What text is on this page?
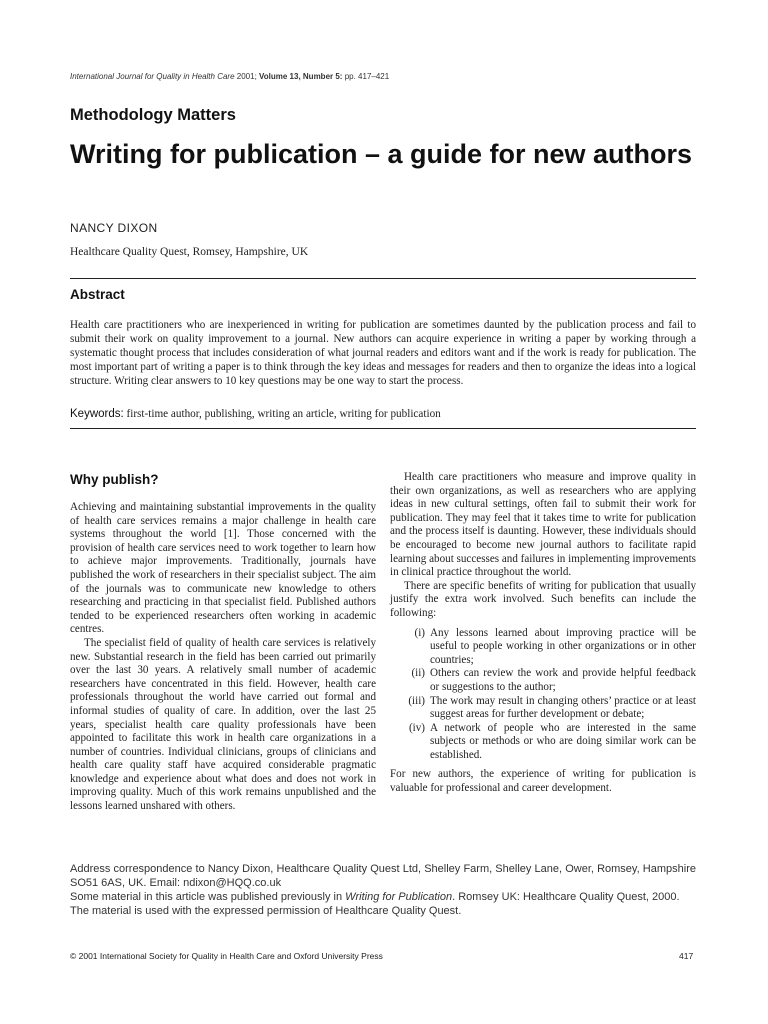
International Journal for Quality in Health Care 2001; Volume 13, Number 5: pp. 417–421
Methodology Matters
Writing for publication – a guide for new authors
NANCY DIXON
Healthcare Quality Quest, Romsey, Hampshire, UK
Abstract

Health care practitioners who are inexperienced in writing for publication are sometimes daunted by the publication process and fail to submit their work on quality improvement to a journal. New authors can acquire experience in writing a paper by working through a systematic thought process that includes consideration of what journal readers and editors want and if the work is ready for publication. The most important part of writing a paper is to think through the key ideas and messages for readers and then to organize the ideas into a logical structure. Writing clear answers to 10 key questions may be one way to start the process.

Keywords: first-time author, publishing, writing an article, writing for publication
Why publish?

Achieving and maintaining substantial improvements in the quality of health care services remains a major challenge in health care systems throughout the world [1]. Those concerned with the provision of health care services need to work together to learn how to achieve major improvements. Traditionally, journals have published the work of researchers in their specialist subject. The aim of the journals was to communicate new knowledge to others researching and practicing in that specialist field. Published authors tended to be experienced researchers often working in academic centres.

The specialist field of quality of health care services is relatively new. Substantial research in the field has been carried out primarily over the last 30 years. A relatively small number of academic researchers have concentrated in this field. However, health care professionals throughout the world have carried out formal and informal studies of quality of care. In addition, over the last 25 years, specialist health care quality professionals have been appointed to facilitate this work in health care organizations in a number of countries. Individual clinicians, groups of clinicians and health care quality staff have acquired considerable pragmatic knowledge and experience about what does and does not work in improving quality. Much of this work remains unpublished and the lessons learned unshared with others.

Health care practitioners who measure and improve quality in their own organizations, as well as researchers who are applying ideas in new cultural settings, often fail to submit their work for publication. They may feel that it takes time to write for publication and the process itself is daunting. However, these individuals should be encouraged to become new journal authors to facilitate rapid learning about successes and failures in implementing improvements in clinical practice throughout the world.

There are specific benefits of writing for publication that usually justify the extra work involved. Such benefits can include the following:

(i) Any lessons learned about improving practice will be useful to people working in other organizations or in other countries;
(ii) Others can review the work and provide helpful feedback or suggestions to the author;
(iii) The work may result in changing others’ practice or at least suggest areas for further development or debate;
(iv) A network of people who are interested in the same subjects or methods or who are doing similar work can be established.

For new authors, the experience of writing for publication is valuable for professional and career development.

Address correspondence to Nancy Dixon, Healthcare Quality Quest Ltd, Shelley Farm, Shelley Lane, Ower, Romsey, Hampshire SO51 6AS, UK. Email: ndixon@HQQ.co.uk
Some material in this article was published previously in Writing for Publication. Romsey UK: Healthcare Quality Quest, 2000.
The material is used with the expressed permission of Healthcare Quality Quest.
© 2001 International Society for Quality in Health Care and Oxford University Press	417
